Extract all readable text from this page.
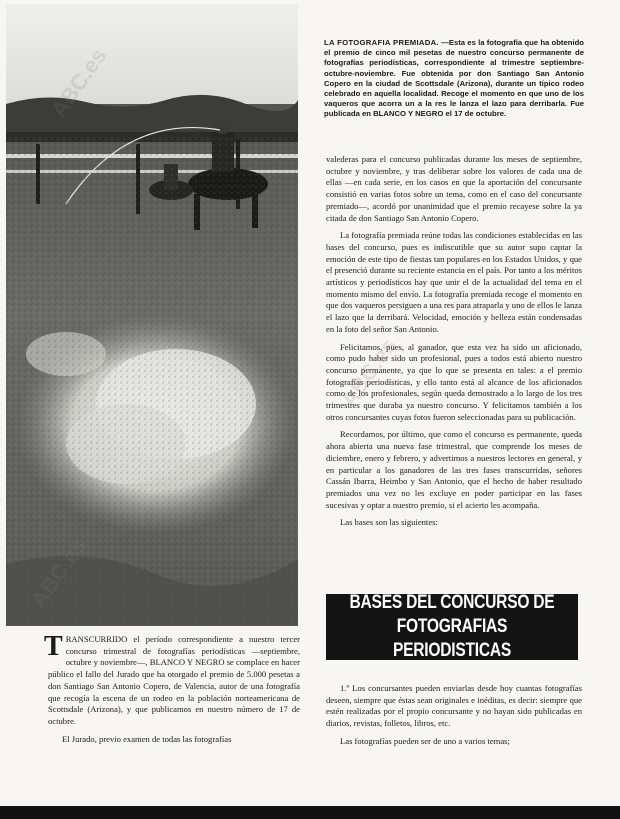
LA FOTOGRAFIA PREMIADA. —Esta es la fotografía que ha obtenido el premio de cinco mil pesetas de nuestro concurso permanente de fotografías periodísticas, correspondiente al trimestre septiembre-octubre-noviembre. Fue obtenida por don Santiago San Antonio Copero en la ciudad de Scottsdale (Arizona), durante un típico rodeo celebrado en aquella localidad. Recoge el momento en que uno de los vaqueros que acorra un a la res le lanza el lazo para derribarla. Fue publicada en BLANCO Y NEGRO el 17 de octubre.

valederas para el concurso publicadas durante los meses de septiembre, octubre y noviembre, y tras deliberar sobre los valores de cada una de ellas —en cada serie, en los casos en que la aportación del concursante consistió en varias fotos sobre un tema, como en el caso del concursante premiado—, acordó por unanimidad que el premio recayese sobre la ya citada de don Santiago San Antonio Copero.

La fotografía premiada reúne todas las condiciones establecidas en las bases del concurso, pues es indiscutible que su autor supo captar la emoción de este tipo de fiestas tan populares en los Estados Unidos, y que el presenció durante su reciente estancia en el país. Por tanto a los méritos artísticos y periodísticos hay que unir el de la actualidad del tema en el momento mismo del envío. La fotografía premiada recoge el momento en que dos vaqueros persiguen a una res para atraparla y uno de ellos le lanza el lazo que la derribará. Velocidad, emoción y belleza están condensadas en la foto del señor San Antonio.

Felicitamos, pues, al ganador, que esta vez ha sido un aficionado, como pudo haber sido un profesional, pues a todos está abierto nuestro concurso permanente, ya que lo que se presenta en tales: a el premio fotografías periodísticas, y ello tanto está al alcance de los aficionados como de los profesionales, según queda demostrado a lo largo de los tres trimestres que duraba ya nuestro concurso. Y felicitamos también a los otros concursantes cuyas fotos fueron seleccionadas para su publicación.

Recordamos, por último, que como el concurso es permanente, queda ahora abierta una nueva fase trimestral, que comprende los meses de diciembre, enero y febrero, y advertimos a nuestros lectores en general, y en particular a los ganadores de las tres fases transcurridas, señores Cassán Ibarra, Heimbo y San Antonio, que el hecho de haber resultado premiados una vez no les excluye en poder participar en las fases sucesivas y optar a nuestro premio, si el acierto les acompaña.

Las bases son las siguientes:

TRANSCURRIDO el período correspondiente a nuestro tercer concurso trimestral de fotografías periodísticas —septiembre, octubre y noviembre—, BLANCO Y NEGRO se complace en hacer público el fallo del Jurado que ha otorgado el premio de 5.000 pesetas a don Santiago San Antonio Copero, de Valencia, autor de una fotografía que recogía la escena de un rodeo en la población norteamericana de Scottsdale (Arizona), y que publicamos en nuestro número de 17 de octubre.

El Jurado, previo examen de todas las fotografías

BASES DEL CONCURSO DE
FOTOGRAFIAS PERIODISTICAS

1.º Los concursantes pueden enviarlas desde hoy cuantas fotografías deseen, siempre que éstas sean originales e inéditas, es decir: siempre que estén realizadas por el propio concursante y no hayan sido publicadas en diarios, revistas, folletos, libros, etc.

Las fotografías pueden ser de uno a varios temas;

ABC.es
